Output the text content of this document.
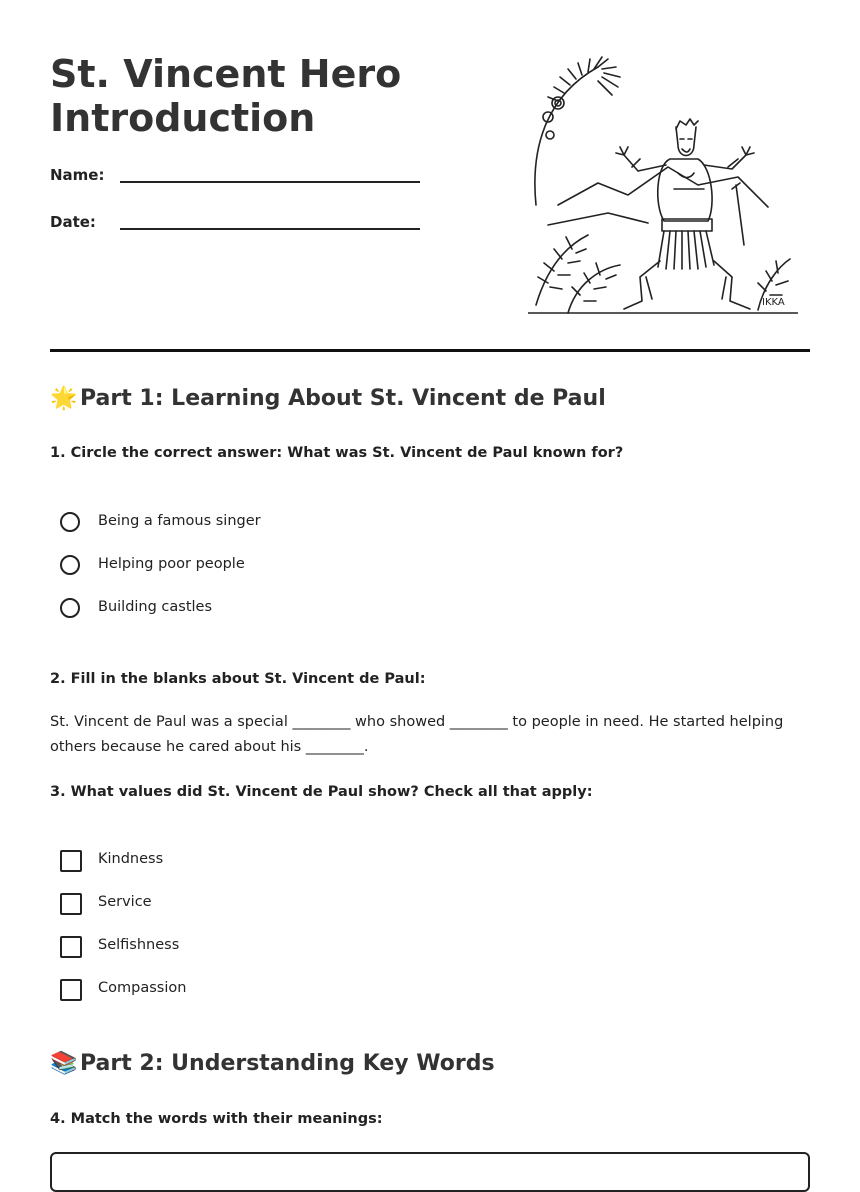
St. Vincent Hero Introduction
Name:
Date:
IKKA
🌟 Part 1: Learning About St. Vincent de Paul

1. Circle the correct answer: What was St. Vincent de Paul known for?

Being a famous singer
Helping poor people
Building castles

2. Fill in the blanks about St. Vincent de Paul:

St. Vincent de Paul was a special ________ who showed ________ to people in need. He started helping
others because he cared about his ________.

3. What values did St. Vincent de Paul show? Check all that apply:

Kindness
Service
Selfishness
Compassion
📚 Part 2: Understanding Key Words

4. Match the words with their meanings:
